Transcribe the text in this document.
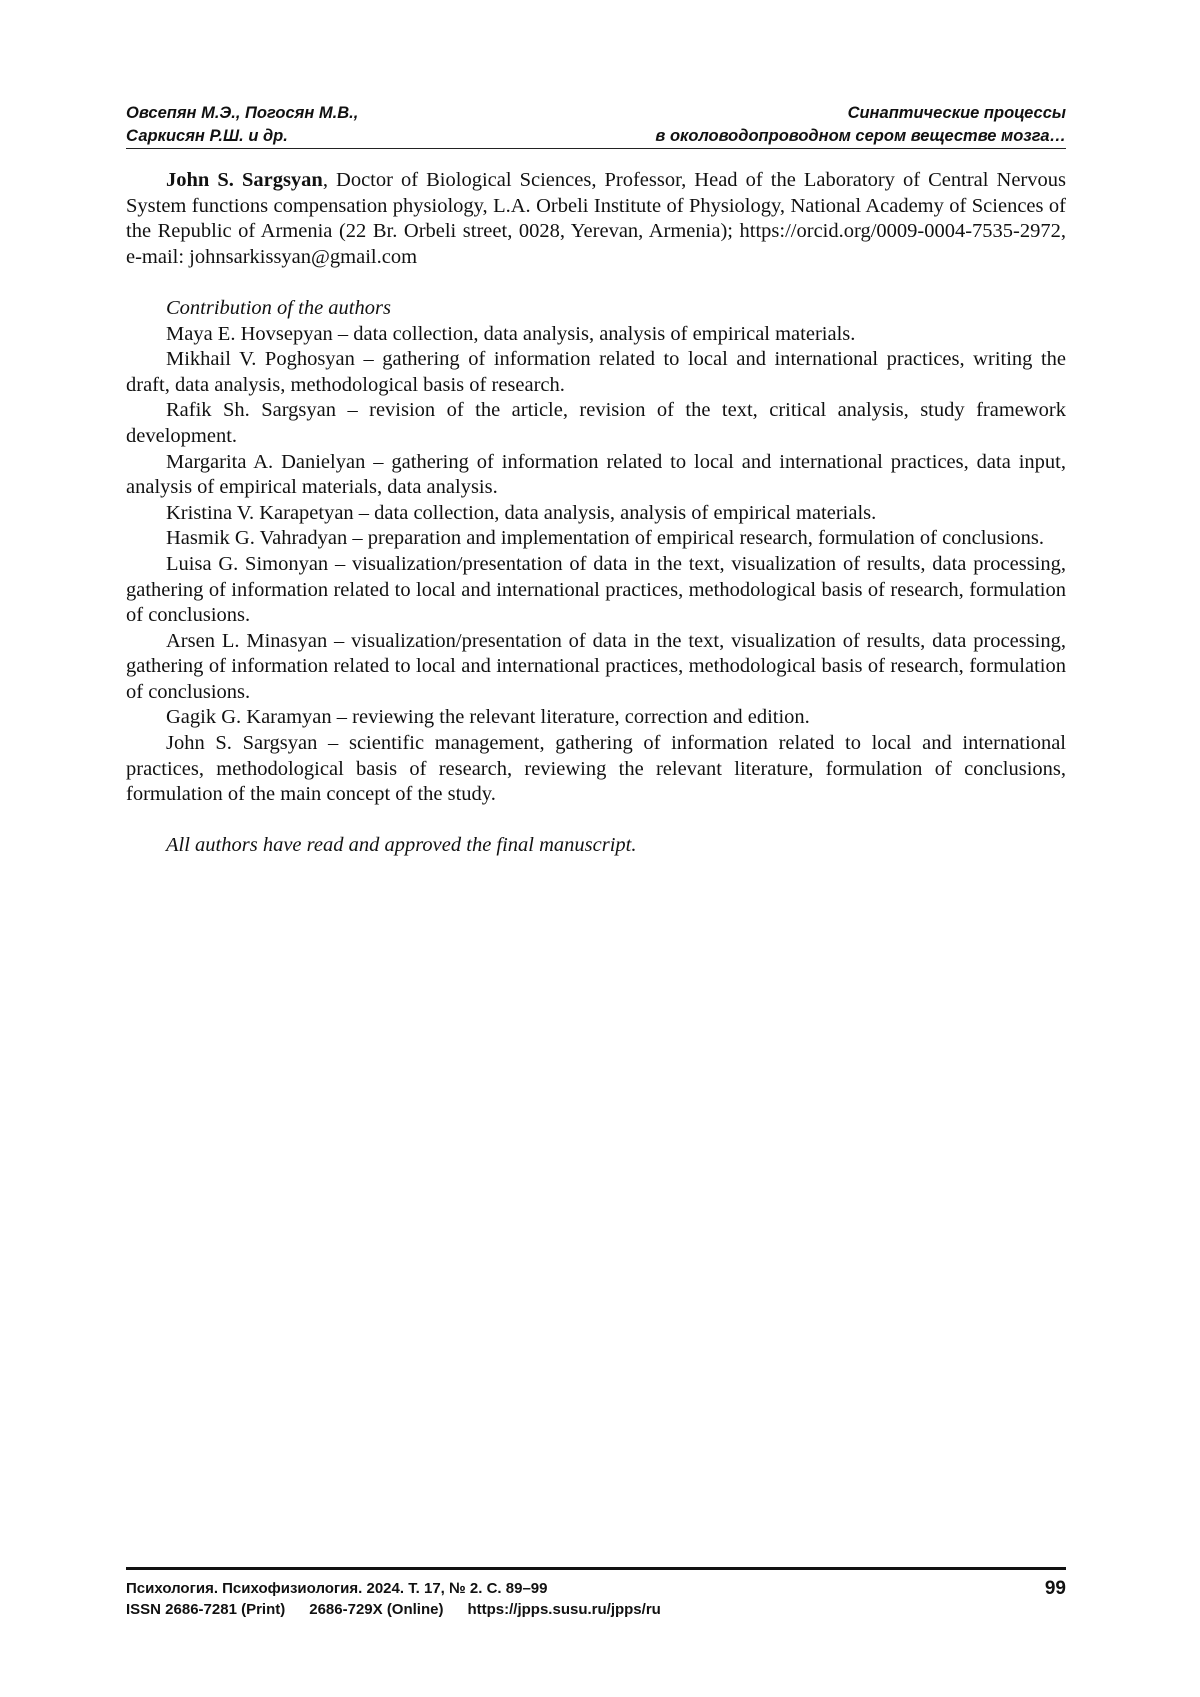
Овсепян М.Э., Погосян М.В.,
Саркисян Р.Ш. и др.
Синаптические процессы
в околоводопроводном сером веществе мозга…

John S. Sargsyan, Doctor of Biological Sciences, Professor, Head of the Laboratory of Central Nervous System functions compensation physiology, L.A. Orbeli Institute of Physiology, National Academy of Sciences of the Republic of Armenia (22 Br. Orbeli street, 0028, Yerevan, Armenia); https://orcid.org/0009-0004-7535-2972, e-mail: johnsarkissyan@gmail.com

Contribution of the authors

Maya E. Hovsepyan – data collection, data analysis, analysis of empirical materials.

Mikhail V. Poghosyan – gathering of information related to local and international practices, writ­ing the draft, data analysis, methodological basis of research.

Rafik Sh. Sargsyan – revision of the article, revision of the text, critical analysis, study framework development.

Margarita A. Danielyan – gathering of information related to local and international practices, data input, analysis of empirical materials, data analysis.

Kristina V. Karapetyan – data collection, data analysis, analysis of empirical materials.

Hasmik G. Vahradyan – preparation and implementation of empirical research, formulation of con­clusions.

Luisa G. Simonyan – visualization/presentation of data in the text, visualization of results, data processing, gathering of information related to local and international practices, methodological basis of research, formulation of conclusions.

Arsen L. Minasyan – visualization/presentation of data in the text, visualization of results, data processing, gathering of information related to local and international practices, methodological basis of research, formulation of conclusions.

Gagik G. Karamyan – reviewing the relevant literature, correction and edition.

John S. Sargsyan – scientific management, gathering of information related to local and internation­al practices, methodological basis of research, reviewing the relevant literature, formulation of conclu­sions, formulation of the main concept of the study.

All authors have read and approved the final manuscript.

Психология. Психофизиология. 2024. Т. 17, № 2. С. 89–99
ISSN 2686-7281 (Print) 2686-729X (Online) https://jpps.susu.ru/jpps/ru
99
